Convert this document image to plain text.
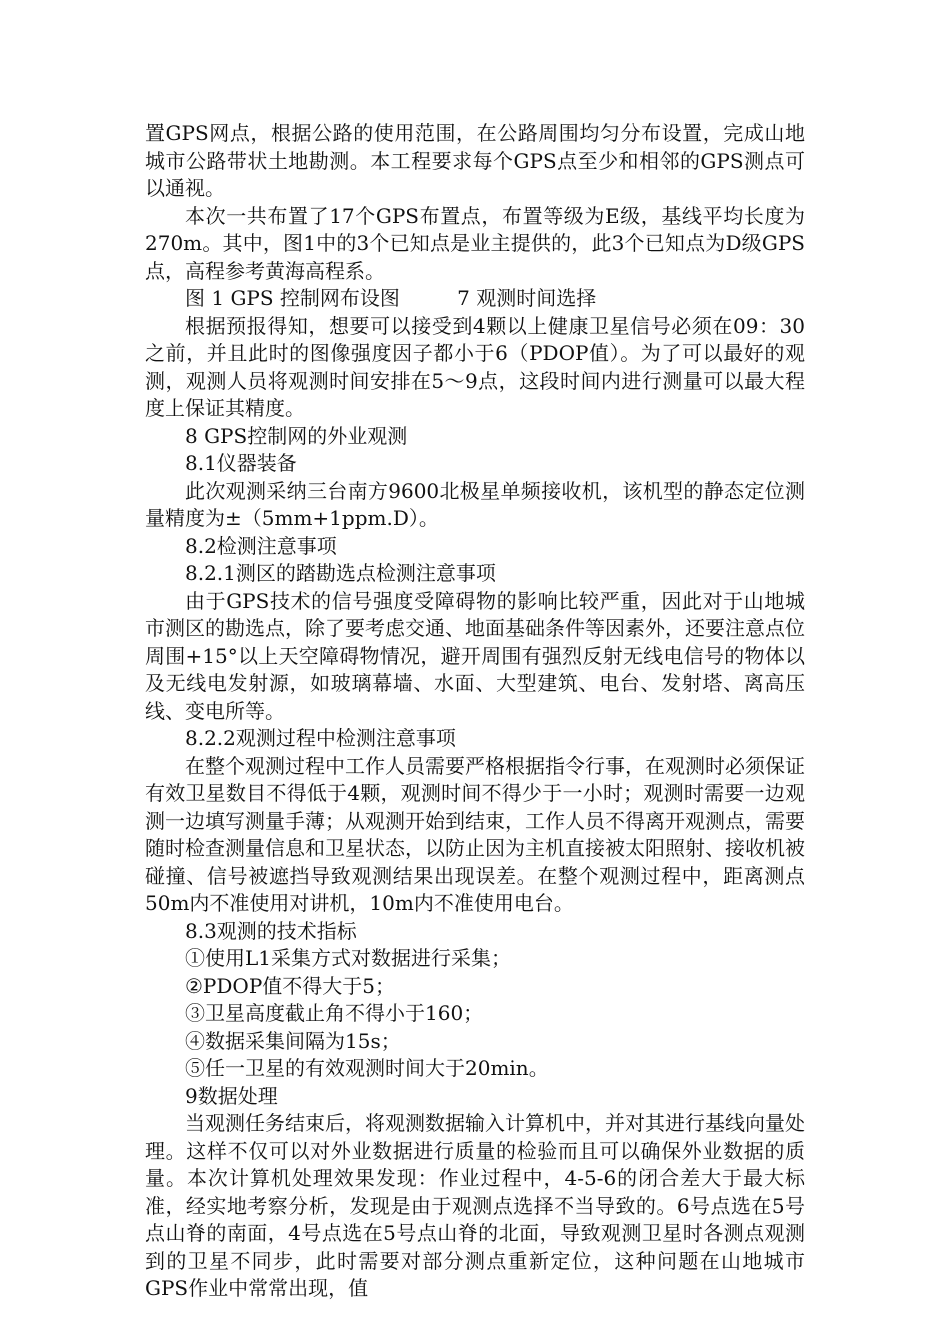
置GPS网点，根据公路的使用范围，在公路周围均匀分布设置，完成山地城市公路带状土地勘测。本工程要求每个GPS点至少和相邻的GPS测点可以通视。

本次一共布置了17个GPS布置点，布置等级为E级，基线平均长度为270m。其中，图1中的3个已知点是业主提供的，此3个已知点为D级GPS点，高程参考黄海高程系。

图 1 GPS 控制网布设图         7 观测时间选择

根据预报得知，想要可以接受到4颗以上健康卫星信号必须在09：30之前，并且此时的图像强度因子都小于6（PDOP值）。为了可以最好的观测，观测人员将观测时间安排在5～9点，这段时间内进行测量可以最大程度上保证其精度。

8 GPS控制网的外业观测

8.1仪器装备

此次观测采纳三台南方9600北极星单频接收机，该机型的静态定位测量精度为±（5mm+1ppm.D）。

8.2检测注意事项

8.2.1测区的踏勘选点检测注意事项

由于GPS技术的信号强度受障碍物的影响比较严重，因此对于山地城市测区的勘选点，除了要考虑交通、地面基础条件等因素外，还要注意点位周围+15°以上天空障碍物情况，避开周围有强烈反射无线电信号的物体以及无线电发射源，如玻璃幕墙、水面、大型建筑、电台、发射塔、离高压线、变电所等。

8.2.2观测过程中检测注意事项

在整个观测过程中工作人员需要严格根据指令行事，在观测时必须保证有效卫星数目不得低于4颗，观测时间不得少于一小时；观测时需要一边观测一边填写测量手薄；从观测开始到结束，工作人员不得离开观测点，需要随时检查测量信息和卫星状态，以防止因为主机直接被太阳照射、接收机被碰撞、信号被遮挡导致观测结果出现误差。在整个观测过程中，距离测点50m内不准使用对讲机，10m内不准使用电台。

8.3观测的技术指标

①使用L1采集方式对数据进行采集；

②PDOP值不得大于5；

③卫星高度截止角不得小于160；

④数据采集间隔为15s；

⑤任一卫星的有效观测时间大于20min。

9数据处理

当观测任务结束后，将观测数据输入计算机中，并对其进行基线向量处理。这样不仅可以对外业数据进行质量的检验而且可以确保外业数据的质量。本次计算机处理效果发现：作业过程中，4-5-6的闭合差大于最大标准，经实地考察分析，发现是由于观测点选择不当导致的。6号点选在5号点山脊的南面，4号点选在5号点山脊的北面，导致观测卫星时各测点观测到的卫星不同步，此时需要对部分测点重新定位，这种问题在山地城市GPS作业中常常出现，值
